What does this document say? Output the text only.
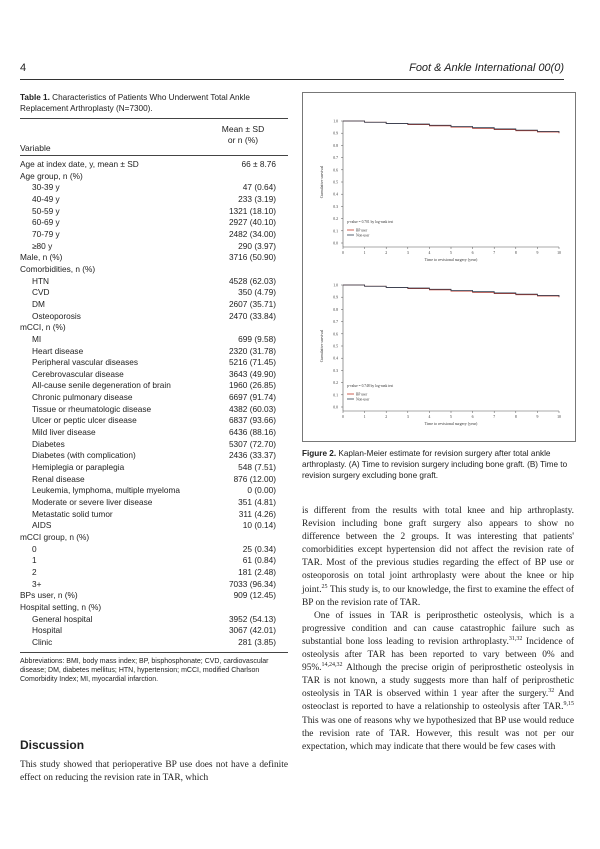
4	Foot & Ankle International 00(0)

Table 1. Characteristics of Patients Who Underwent Total Ankle Replacement Arthroplasty (N=7300).

Mean ± SD
or n (%)
Variable
Age at index date, y, mean ± SD	66 ± 8.76
Age group, n (%)
30-39 y	47 (0.64)
40-49 y	233 (3.19)
50-59 y	1321 (18.10)
60-69 y	2927 (40.10)
70-79 y	2482 (34.00)
≥80 y	290 (3.97)
Male, n (%)	3716 (50.90)
Comorbidities, n (%)
HTN	4528 (62.03)
CVD	350 (4.79)
DM	2607 (35.71)
Osteoporosis	2470 (33.84)
mCCI, n (%)
MI	699 (9.58)
Heart disease	2320 (31.78)
Peripheral vascular diseases	5216 (71.45)
Cerebrovascular disease	3643 (49.90)
All-cause senile degeneration of brain	1960 (26.85)
Chronic pulmonary disease	6697 (91.74)
Tissue or rheumatologic disease	4382 (60.03)
Ulcer or peptic ulcer disease	6837 (93.66)
Mild liver disease	6436 (88.16)
Diabetes	5307 (72.70)
Diabetes (with complication)	2436 (33.37)
Hemiplegia or paraplegia	548 (7.51)
Renal disease	876 (12.00)
Leukemia, lymphoma, multiple myeloma	0 (0.00)
Moderate or severe liver disease	351 (4.81)
Metastatic solid tumor	311 (4.26)
AIDS	10 (0.14)
mCCI group, n (%)
0	25 (0.34)
1	61 (0.84)
2	181 (2.48)
3+	7033 (96.34)
BPs user, n (%)	909 (12.45)
Hospital setting, n (%)
General hospital	3952 (54.13)
Hospital	3067 (42.01)
Clinic	281 (3.85)
Abbreviations: BMI, body mass index; BP, bisphosphonate; CVD, cardiovascular disease; DM, diabetes mellitus; HTN, hypertension; mCCI, modified Charlson Comorbidity Index; MI, myocardial infarction.
Discussion
This study showed that perioperative BP use does not have a definite effect on reducing the revision rate in TAR, which
0.0
0.1
0.2
0.3
0.4
0.5
0.6
0.7
0.8
0.9
1.0
0	1	2	3	4	5	6	7	8	9	10
Time to revisional surgery (year)
Cumulative survival
p-value = 0.701 by log-rank test
BP user
Non-user
0.0
0.1
0.2
0.3
0.4
0.5
0.6
0.7
0.8
0.9
1.0
0	1	2	3	4	5	6	7	8	9	10
Time to revisional surgery (year)
Cumulative survival
p-value = 0.748 by log-rank test
BP user
Non-user
Figure 2. Kaplan-Meier estimate for revision surgery after total ankle arthroplasty. (A) Time to revision surgery including bone graft. (B) Time to revision surgery excluding bone graft.

is different from the results with total knee and hip arthroplasty. Revision including bone graft surgery also appears to show no difference between the 2 groups. It was interesting that patients' comorbidities except hypertension did not affect the revision rate of TAR. Most of the previous studies regarding the effect of BP use or osteoporosis on total joint arthroplasty were about the knee or hip joint.$^{25}$ This study is, to our knowledge, the first to examine the effect of BP on the revision rate of TAR.

One of issues in TAR is periprosthetic osteolysis, which is a progressive condition and can cause catastrophic failure such as substantial bone loss leading to revision arthroplasty.$^{31,32}$ Incidence of osteolysis after TAR has been reported to vary between 0% and 95%.$^{14,24,32}$ Although the precise origin of periprosthetic osteolysis in TAR is not known, a study suggests more than half of periprosthetic osteolysis in TAR is observed within 1 year after the surgery.$^{32}$ And osteoclast is reported to have a relationship to osteolysis after TAR.$^{9,15}$ This was one of reasons why we hypothesized that BP use would reduce the revision rate of TAR. However, this result was not per our expectation, which may indicate that there would be few cases with
